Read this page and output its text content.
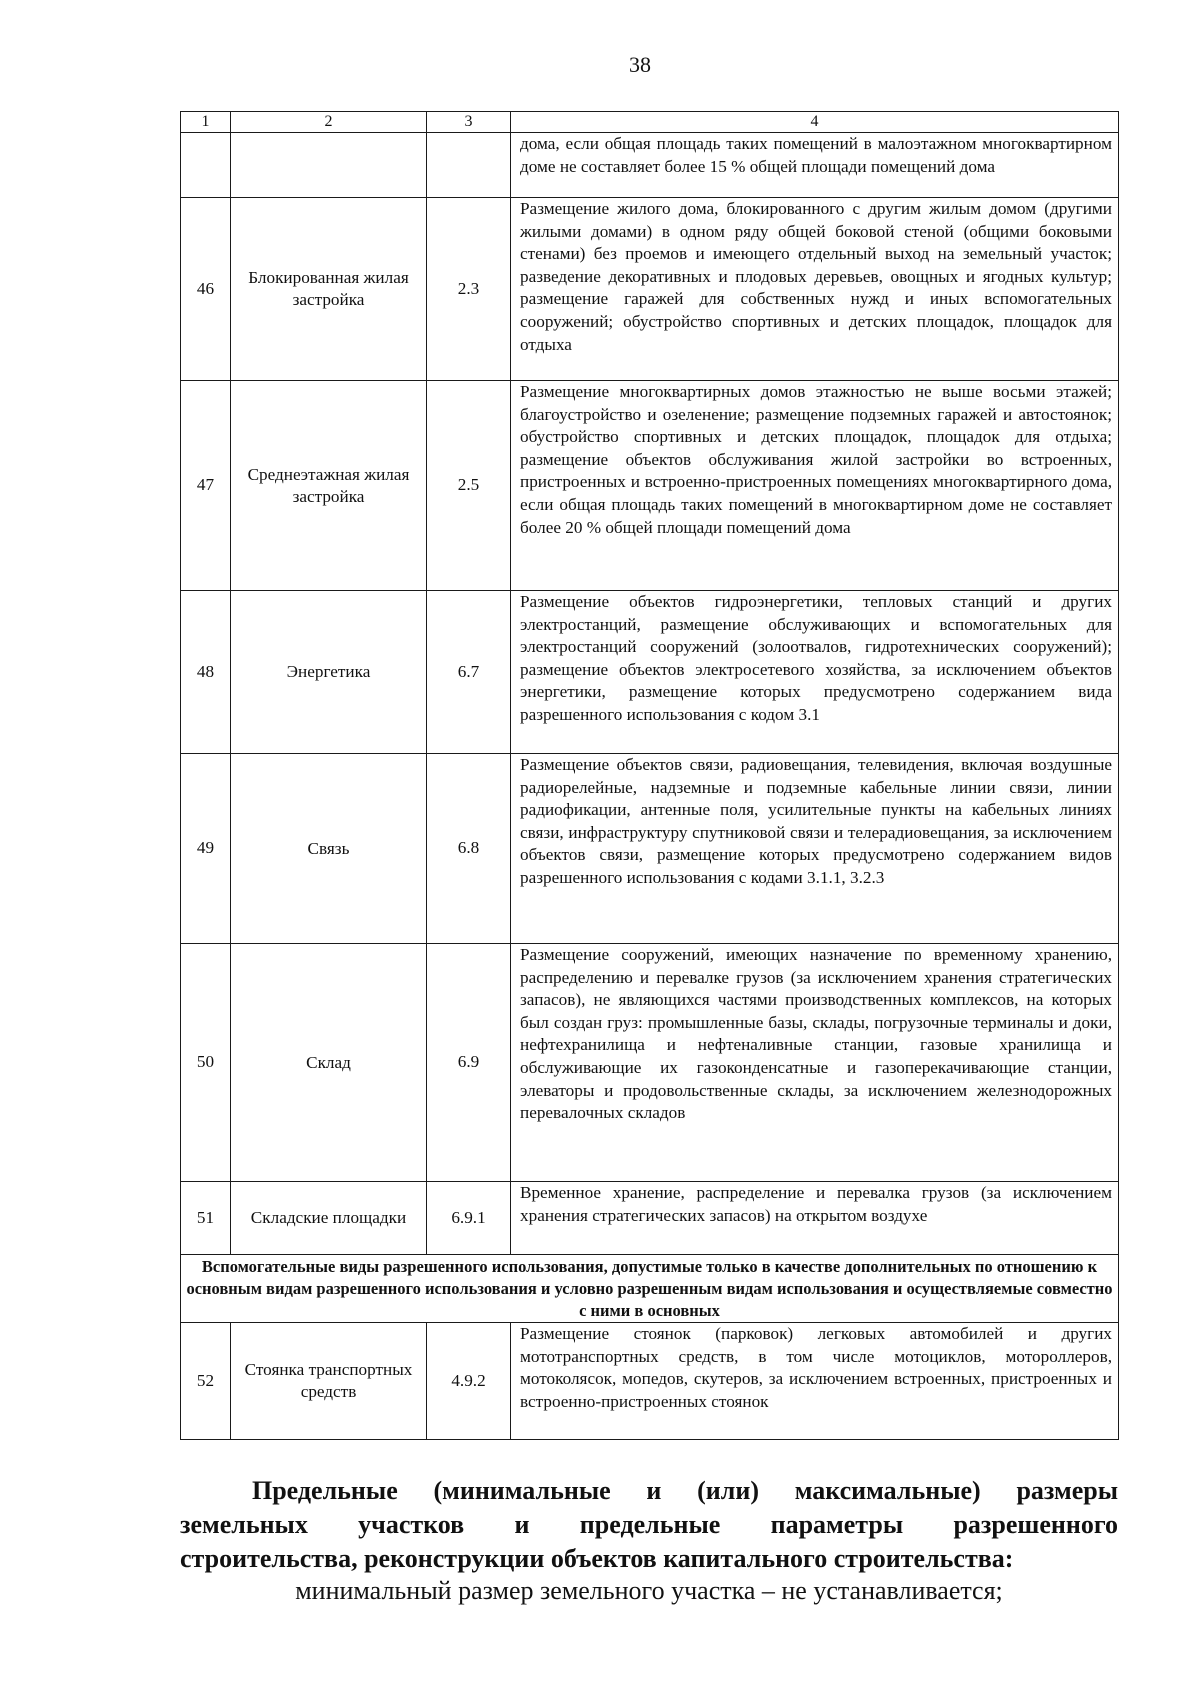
38
1	2	3	4
			дома, если общая площадь таких помещений в малоэтажном многоквартирном доме не составляет более 15 % общей площади помещений дома
46	Блокированная жилая застройка	2.3	Размещение жилого дома, блокированного с другим жилым домом (другими жилыми домами) в одном ряду общей боковой стеной (общими боковыми стенами) без проемов и имеющего отдельный выход на земельный участок; разведение декоративных и плодовых деревьев, овощных и ягодных культур; размещение гаражей для собственных нужд и иных вспомогательных сооружений; обустройство спортивных и детских площадок, площадок для отдыха
47	Среднеэтажная жилая застройка	2.5	Размещение многоквартирных домов этажностью не выше восьми этажей; благоустройство и озеленение; размещение подземных гаражей и автостоянок; обустройство спортивных и детских площадок, площадок для отдыха; размещение объектов обслуживания жилой застройки во встроенных, пристроенных и встроенно-пристроенных помещениях многоквартирного дома, если общая площадь таких помещений в многоквартирном доме не составляет более 20 % общей площади помещений дома
48	Энергетика	6.7	Размещение объектов гидроэнергетики, тепловых станций и других электростанций, размещение обслуживающих и вспомогательных для электростанций сооружений (золоотвалов, гидротехнических сооружений); размещение объектов электросетевого хозяйства, за исключением объектов энергетики, размещение которых предусмотрено содержанием вида разрешенного использования с кодом 3.1
49	Связь	6.8	Размещение объектов связи, радиовещания, телевидения, включая воздушные радиорелейные, надземные и подземные кабельные линии связи, линии радиофикации, антенные поля, усилительные пункты на кабельных линиях связи, инфраструктуру спутниковой связи и телерадиовещания, за исключением объектов связи, размещение которых предусмотрено содержанием видов разрешенного использования с кодами 3.1.1, 3.2.3
50	Склад	6.9	Размещение сооружений, имеющих назначение по временному хранению, распределению и перевалке грузов (за исключением хранения стратегических запасов), не являющихся частями производственных комплексов, на которых был создан груз: промышленные базы, склады, погрузочные терминалы и доки, нефтехранилища и нефтеналивные станции, газовые хранилища и обслуживающие их газоконденсатные и газоперекачивающие станции, элеваторы и продовольственные склады, за исключением железнодорожных перевалочных складов
51	Складские площадки	6.9.1	Временное хранение, распределение и перевалка грузов (за исключением хранения стратегических запасов) на открытом воздухе
Вспомогательные виды разрешенного использования, допустимые только в качестве дополнительных по отношению к основным видам разрешенного использования и условно разрешенным видам использования и осуществляемые совместно с ними в основных			
52	Стоянка транспортных средств	4.9.2	Размещение стоянок (парковок) легковых автомобилей и других мототранспортных средств, в том числе мотоциклов, мотороллеров, мотоколясок, мопедов, скутеров, за исключением встроенных, пристроенных и встроенно-пристроенных стоянок
Предельные (минимальные и (или) максимальные) размеры
земельных участков и предельные параметры разрешенного
строительства, реконструкции объектов капитального строительства:
минимальный размер земельного участка – не устанавливается;
